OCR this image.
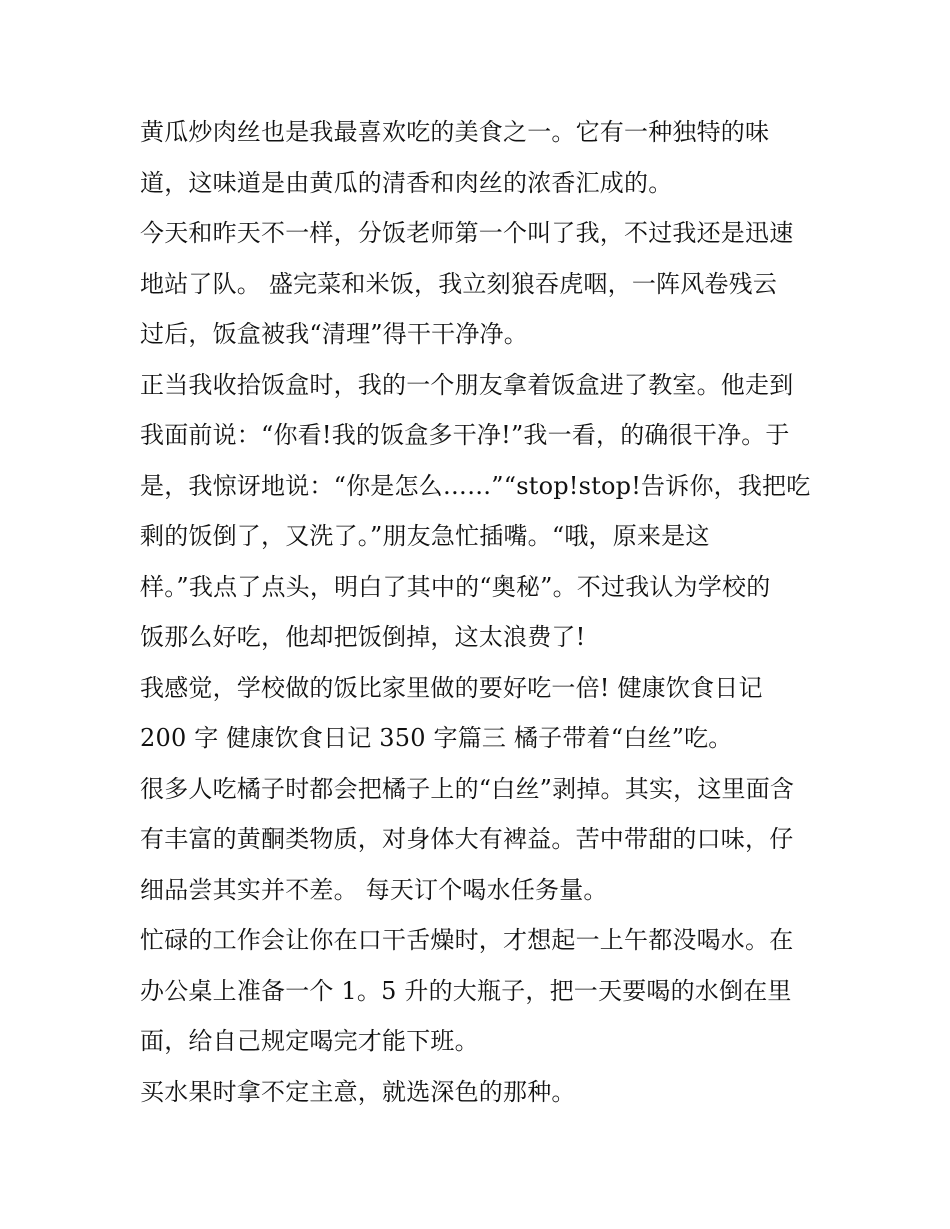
黄瓜炒肉丝也是我最喜欢吃的美食之一。它有一种独特的味
道，这味道是由黄瓜的清香和肉丝的浓香汇成的。
今天和昨天不一样，分饭老师第一个叫了我，不过我还是迅速
地站了队。 盛完菜和米饭，我立刻狼吞虎咽，一阵风卷残云
过后，饭盒被我“清理”得干干净净。
正当我收拾饭盒时，我的一个朋友拿着饭盒进了教室。他走到
我面前说：“你看!我的饭盒多干净!”我一看，的确很干净。于
是，我惊讶地说：“你是怎么……”“stop!stop!告诉你，我把吃
剩的饭倒了，又洗了。”朋友急忙插嘴。“哦，原来是这
样。”我点了点头，明白了其中的“奥秘”。不过我认为学校的
饭那么好吃，他却把饭倒掉，这太浪费了!
我感觉，学校做的饭比家里做的要好吃一倍! 健康饮食日记
200 字 健康饮食日记 350 字篇三 橘子带着“白丝”吃。
很多人吃橘子时都会把橘子上的“白丝”剥掉。其实，这里面含
有丰富的黄酮类物质，对身体大有裨益。苦中带甜的口味，仔
细品尝其实并不差。 每天订个喝水任务量。
忙碌的工作会让你在口干舌燥时，才想起一上午都没喝水。在
办公桌上准备一个 1。5 升的大瓶子，把一天要喝的水倒在里
面，给自己规定喝完才能下班。
买水果时拿不定主意，就选深色的那种。
